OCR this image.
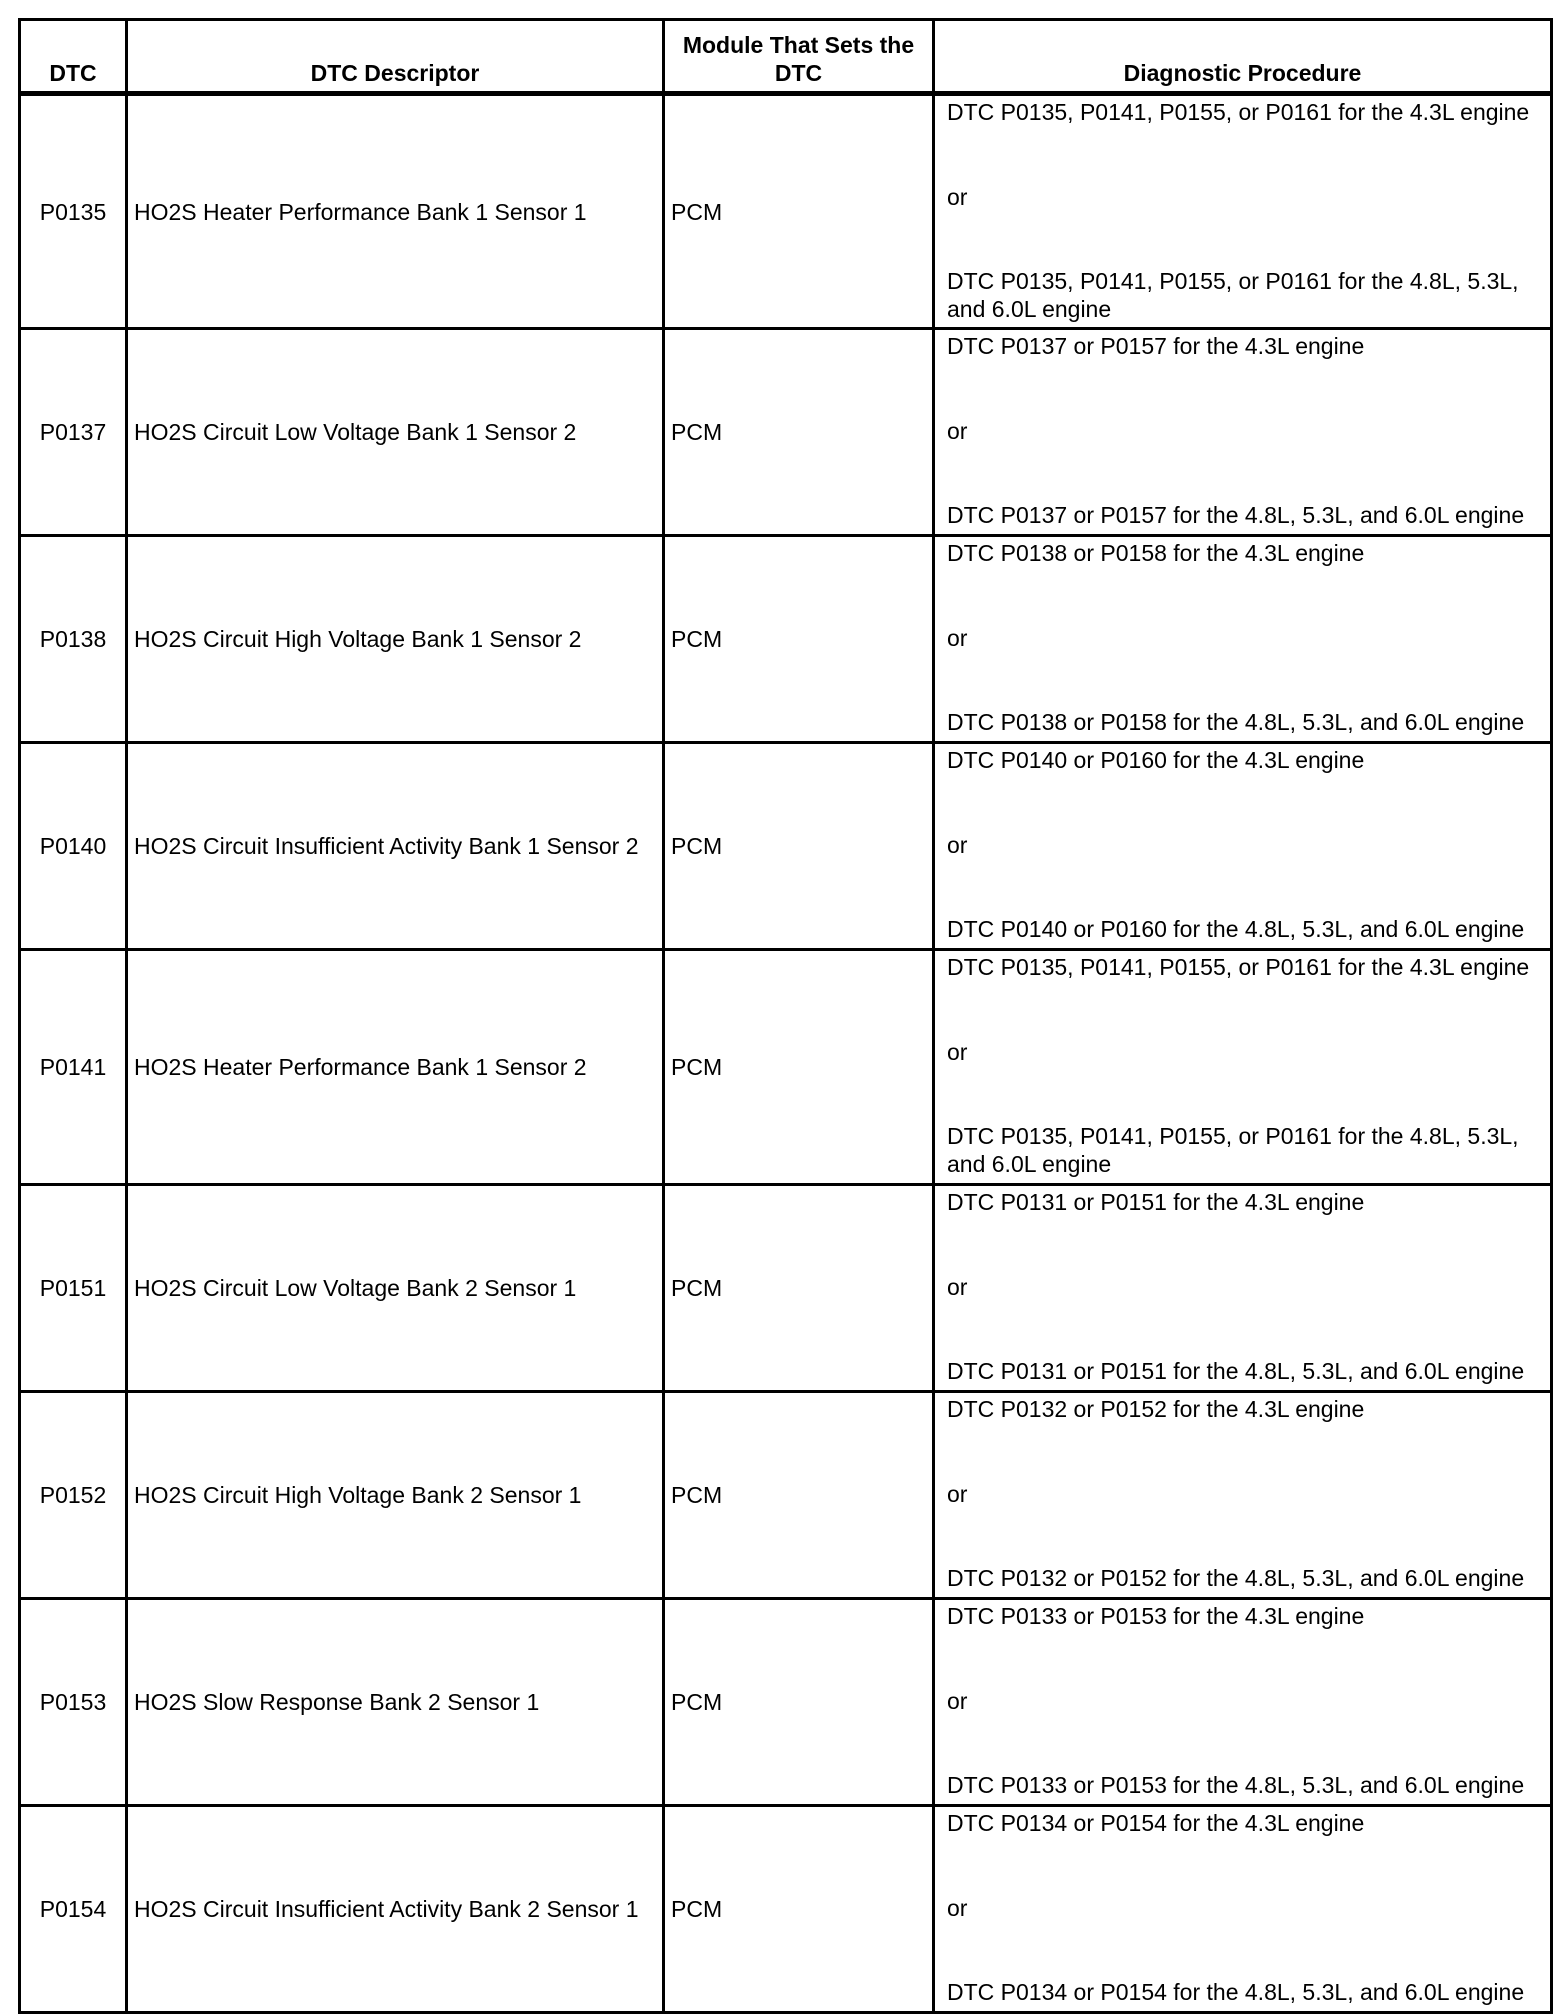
DTC	DTC Descriptor	Module That Sets the DTC	Diagnostic Procedure
P0135	HO2S Heater Performance Bank 1 Sensor 1	PCM	DTC P0135, P0141, P0155, or P0161 for the 4.3L engine
or
DTC P0135, P0141, P0155, or P0161 for the 4.8L, 5.3L, and 6.0L engine

P0137	HO2S Circuit Low Voltage Bank 1 Sensor 2	PCM	DTC P0137 or P0157 for the 4.3L engine
or
DTC P0137 or P0157 for the 4.8L, 5.3L, and 6.0L engine

P0138	HO2S Circuit High Voltage Bank 1 Sensor 2	PCM	DTC P0138 or P0158 for the 4.3L engine
or
DTC P0138 or P0158 for the 4.8L, 5.3L, and 6.0L engine

P0140	HO2S Circuit Insufficient Activity Bank 1 Sensor 2	PCM	DTC P0140 or P0160 for the 4.3L engine
or
DTC P0140 or P0160 for the 4.8L, 5.3L, and 6.0L engine

P0141	HO2S Heater Performance Bank 1 Sensor 2	PCM	DTC P0135, P0141, P0155, or P0161 for the 4.3L engine
or
DTC P0135, P0141, P0155, or P0161 for the 4.8L, 5.3L, and 6.0L engine

P0151	HO2S Circuit Low Voltage Bank 2 Sensor 1	PCM	DTC P0131 or P0151 for the 4.3L engine
or
DTC P0131 or P0151 for the 4.8L, 5.3L, and 6.0L engine

P0152	HO2S Circuit High Voltage Bank 2 Sensor 1	PCM	DTC P0132 or P0152 for the 4.3L engine
or
DTC P0132 or P0152 for the 4.8L, 5.3L, and 6.0L engine

P0153	HO2S Slow Response Bank 2 Sensor 1	PCM	DTC P0133 or P0153 for the 4.3L engine
or
DTC P0133 or P0153 for the 4.8L, 5.3L, and 6.0L engine

P0154	HO2S Circuit Insufficient Activity Bank 2 Sensor 1	PCM	DTC P0134 or P0154 for the 4.3L engine
or
DTC P0134 or P0154 for the 4.8L, 5.3L, and 6.0L engine
